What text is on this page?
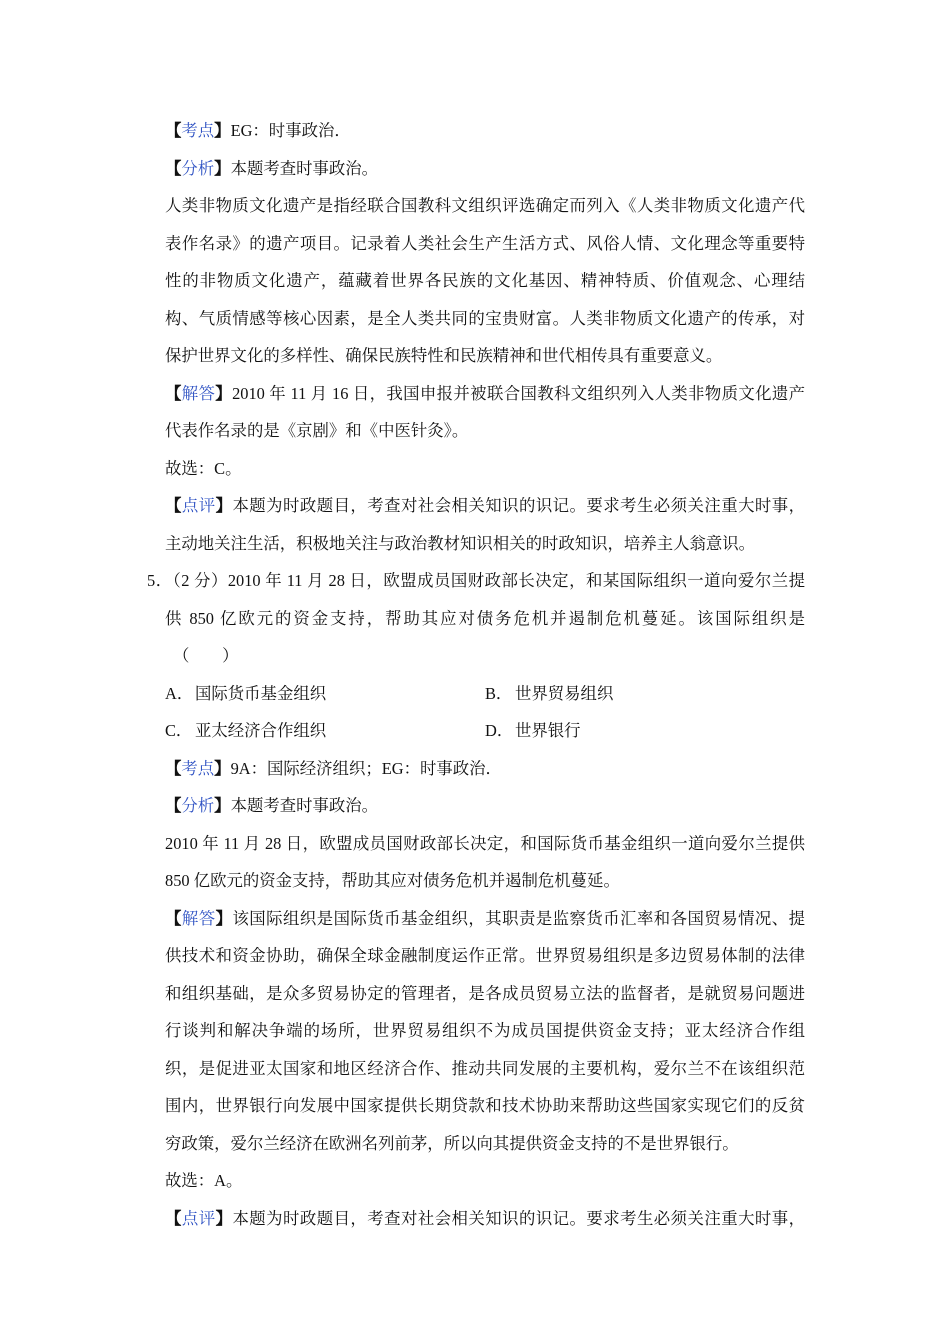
【考点】EG：时事政治．
【分析】本题考查时事政治。
人类非物质文化遗产是指经联合国教科文组织评选确定而列入《人类非物质文化遗产代
表作名录》的遗产项目。记录着人类社会生产生活方式、风俗人情、文化理念等重要特
性的非物质文化遗产，蕴藏着世界各民族的文化基因、精神特质、价值观念、心理结
构、气质情感等核心因素，是全人类共同的宝贵财富。人类非物质文化遗产的传承，对
保护世界文化的多样性、确保民族特性和民族精神和世代相传具有重要意义。
【解答】2010 年 11 月 16 日，我国申报并被联合国教科文组织列入人类非物质文化遗产
代表作名录的是《京剧》和《中医针灸》。
故选：C。
【点评】本题为时政题目，考查对社会相关知识的识记。要求考生必须关注重大时事，
主动地关注生活，积极地关注与政治教材知识相关的时政知识，培养主人翁意识。
5．（2 分）2010 年 11 月 28 日，欧盟成员国财政部长决定，和某国际组织一道向爱尔兰提
供 850 亿欧元的资金支持，帮助其应对债务危机并遏制危机蔓延。该国际组织是
（　　）
A． 国际货币基金组织	B． 世界贸易组织
C． 亚太经济合作组织	D． 世界银行
【考点】9A：国际经济组织；EG：时事政治．
【分析】本题考查时事政治。
2010 年 11 月 28 日，欧盟成员国财政部长决定，和国际货币基金组织一道向爱尔兰提供
850 亿欧元的资金支持，帮助其应对债务危机并遏制危机蔓延。
【解答】该国际组织是国际货币基金组织，其职责是监察货币汇率和各国贸易情况、提
供技术和资金协助，确保全球金融制度运作正常。世界贸易组织是多边贸易体制的法律
和组织基础，是众多贸易协定的管理者，是各成员贸易立法的监督者，是就贸易问题进
行谈判和解决争端的场所，世界贸易组织不为成员国提供资金支持；亚太经济合作组
织，是促进亚太国家和地区经济合作、推动共同发展的主要机构，爱尔兰不在该组织范
围内，世界银行向发展中国家提供长期贷款和技术协助来帮助这些国家实现它们的反贫
穷政策，爱尔兰经济在欧洲名列前茅，所以向其提供资金支持的不是世界银行。
故选：A。
【点评】本题为时政题目，考查对社会相关知识的识记。要求考生必须关注重大时事，
